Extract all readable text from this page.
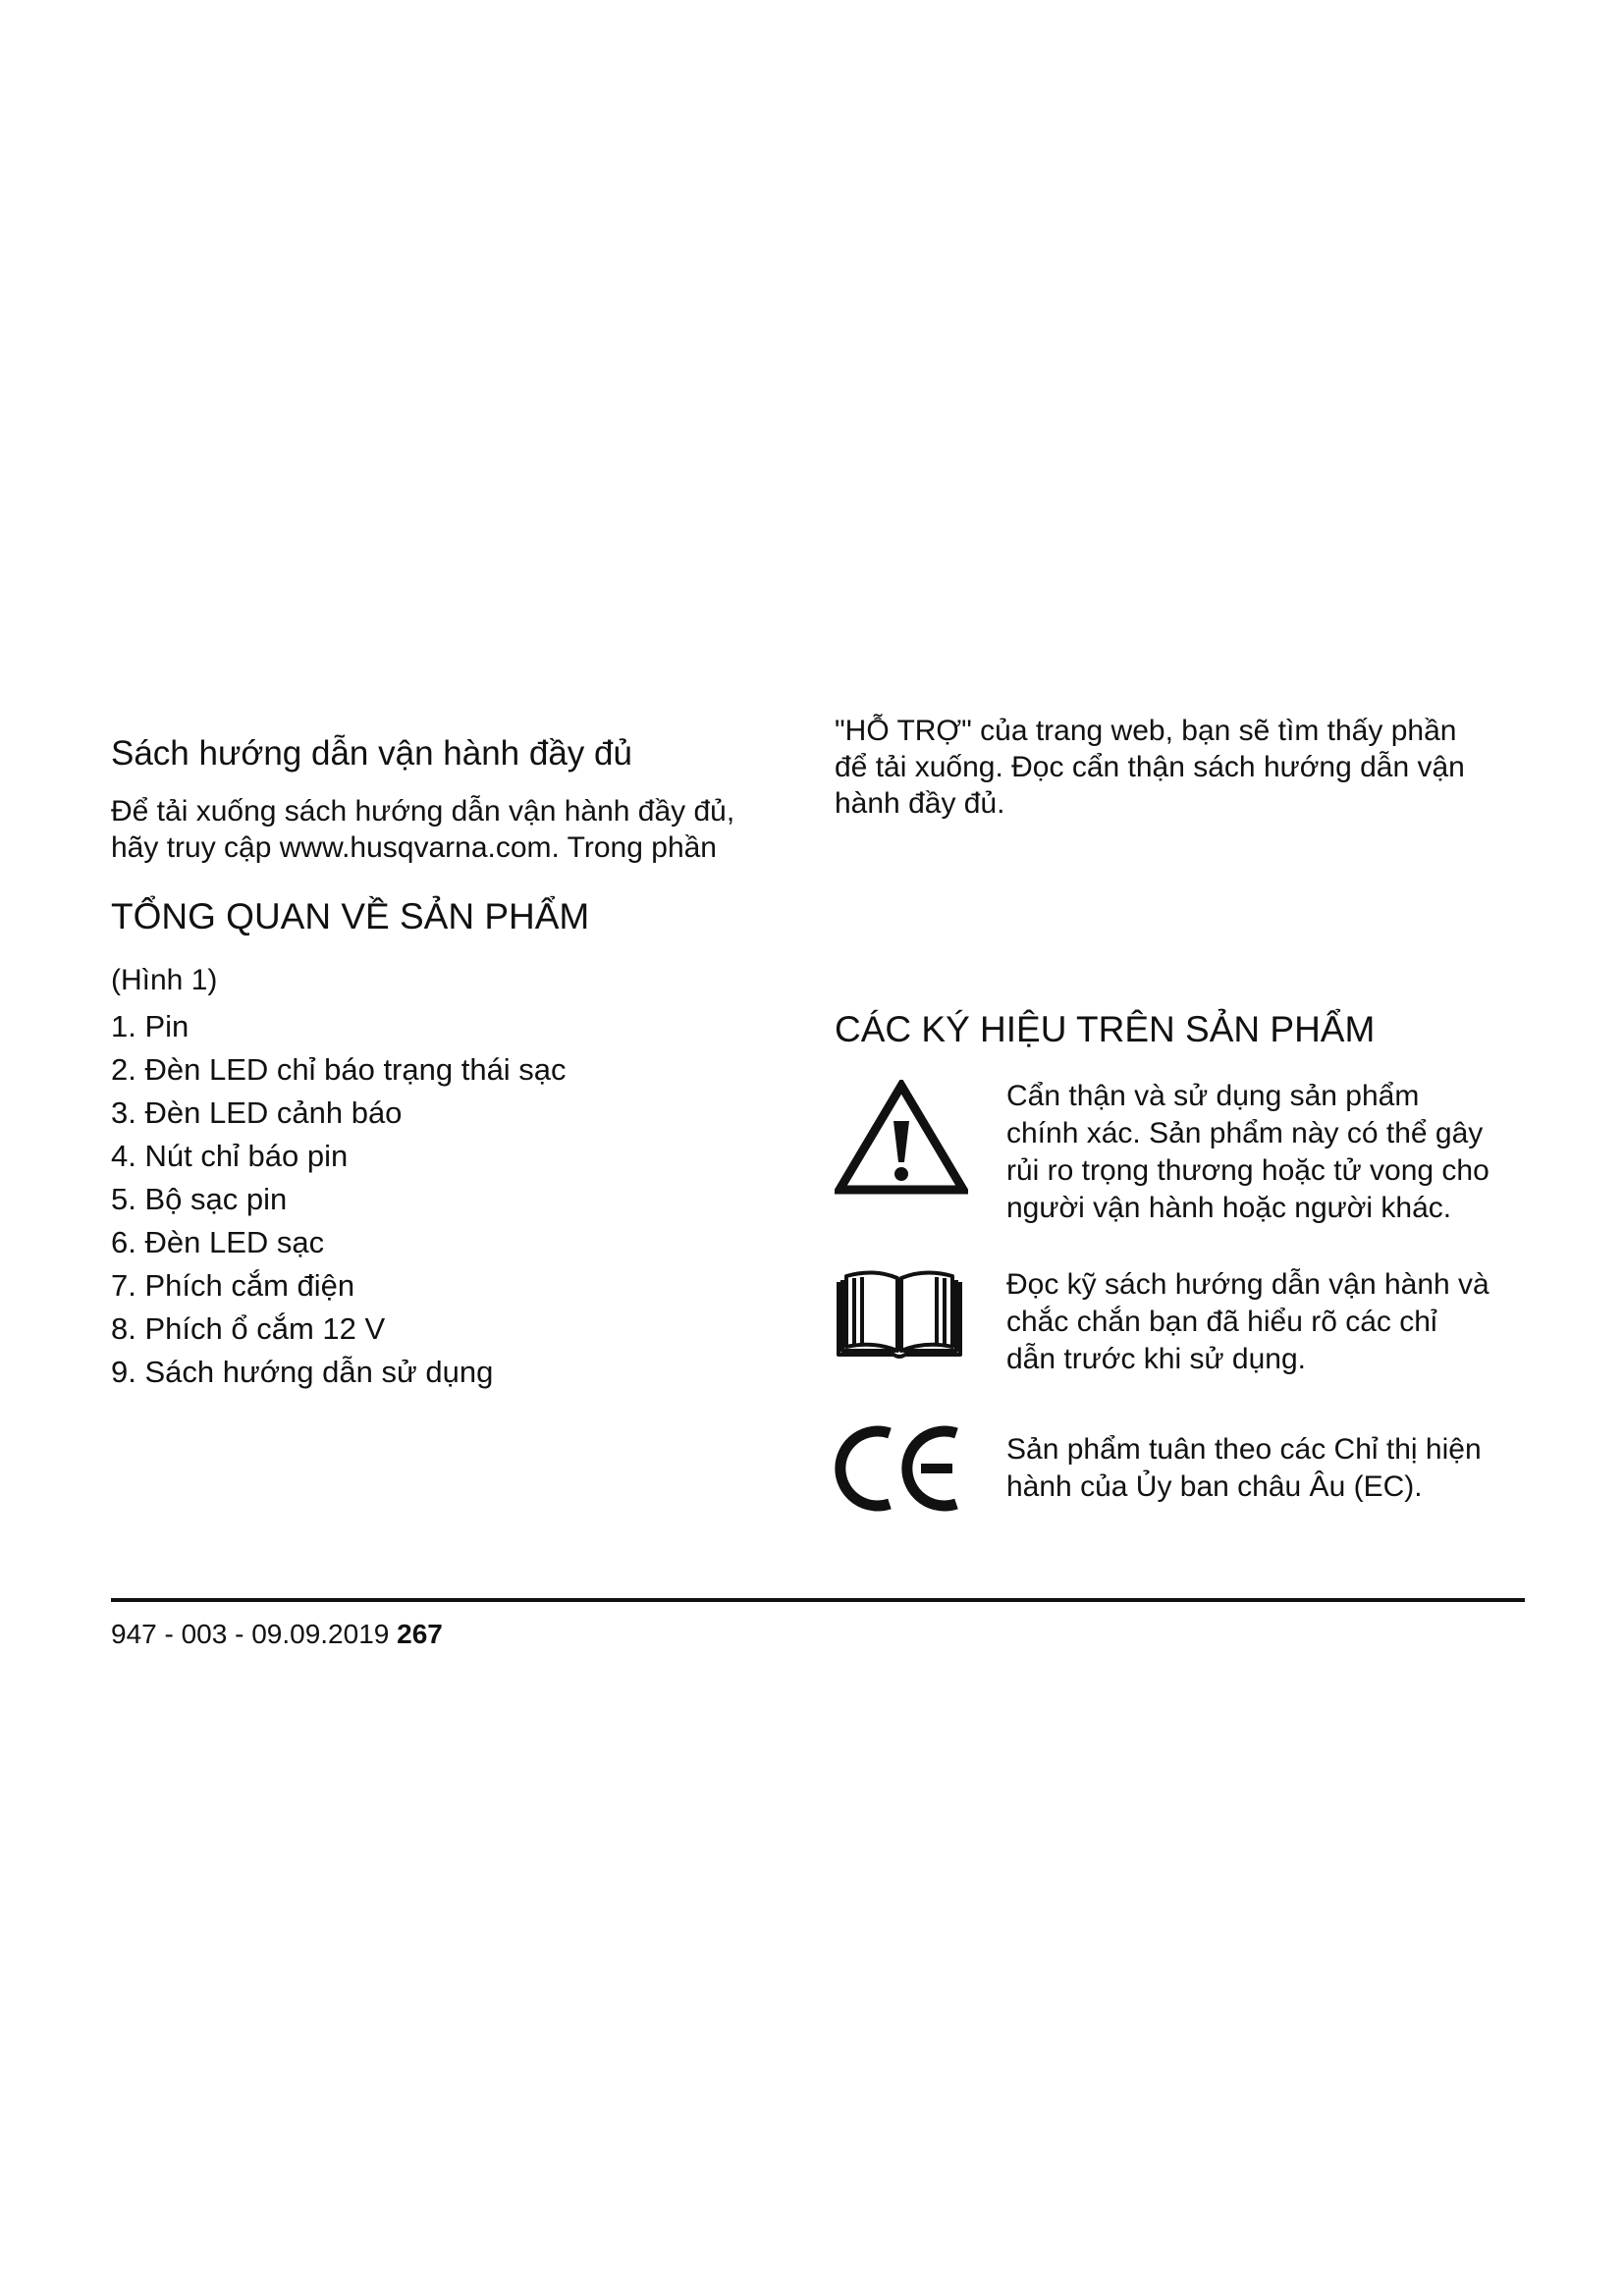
Sách hướng dẫn vận hành đầy đủ
Để tải xuống sách hướng dẫn vận hành đầy đủ,
hãy truy cập www.husqvarna.com. Trong phần
TỔNG QUAN VỀ SẢN PHẨM
(Hình 1)
1. Pin
2. Đèn LED chỉ báo trạng thái sạc
3. Đèn LED cảnh báo
4. Nút chỉ báo pin
5. Bộ sạc pin
6. Đèn LED sạc
7. Phích cắm điện
8. Phích ổ cắm 12 V
9. Sách hướng dẫn sử dụng
"HỖ TRỢ" của trang web, bạn sẽ tìm thấy phần
để tải xuống. Đọc cẩn thận sách hướng dẫn vận
hành đầy đủ.
CÁC KÝ HIỆU TRÊN SẢN PHẨM
Cẩn thận và sử dụng sản phẩm
chính xác. Sản phẩm này có thể gây
rủi ro trọng thương hoặc tử vong cho
người vận hành hoặc người khác.
Đọc kỹ sách hướng dẫn vận hành và
chắc chắn bạn đã hiểu rõ các chỉ
dẫn trước khi sử dụng.
Sản phẩm tuân theo các Chỉ thị hiện
hành của Ủy ban châu Âu (EC).
947 - 003 - 09.09.2019 267
